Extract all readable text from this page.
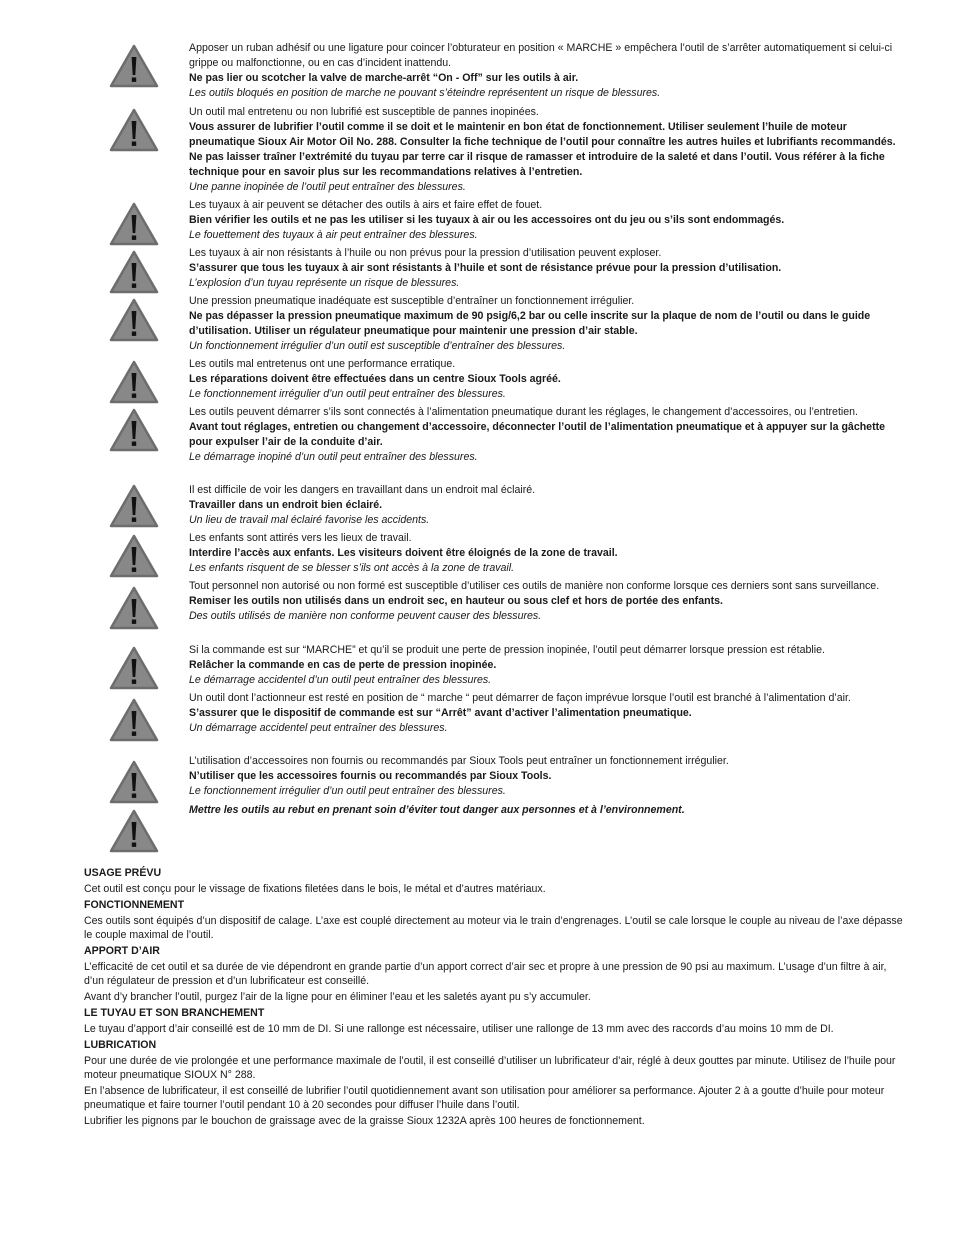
Apposer un ruban adhésif ou une ligature pour coincer l’obturateur en position « MARCHE » empêchera l’outil de s’arrêter automatiquement si celui-ci grippe ou malfonctionne, ou en cas d’incident inattendu.

Ne pas lier ou scotcher la valve de marche-arrêt “On - Off” sur les outils à air.

Les outils bloqués en position de marche ne pouvant s’éteindre représentent un risque de blessures.

Un outil mal entretenu ou non lubrifié est susceptible de pannes inopinées.

Vous assurer de lubrifier l’outil comme il se doit et le maintenir en bon état de fonctionnement. Utiliser seulement l’huile de moteur pneumatique Sioux Air Motor Oil No. 288. Consulter la fiche technique de l’outil pour connaître les autres huiles et lubrifiants recommandés. Ne pas laisser traîner l’extrémité du tuyau par terre car il risque de ramasser et introduire de la saleté et dans l’outil. Vous référer à la fiche technique pour en savoir plus sur les recommandations relatives à l’entretien.

Une panne inopinée de l’outil peut entraîner des blessures.

Les tuyaux à air peuvent se détacher des outils à airs et faire effet de fouet.

Bien vérifier les outils et ne pas les utiliser si les tuyaux à air ou les accessoires ont du jeu ou s’ils sont endommagés.

Le fouettement des tuyaux à air peut entraîner des blessures.

Les tuyaux à air non résistants à l’huile ou non prévus pour la pression d’utilisation peuvent exploser.

S’assurer que tous les tuyaux à air sont résistants à l’huile et sont de résistance prévue pour la pression d’utilisation.

L’explosion d’un tuyau représente un risque de blessures.

Une pression pneumatique inadéquate est susceptible d’entraîner un fonctionnement irrégulier.

Ne pas dépasser la pression pneumatique maximum de 90 psig/6,2 bar ou celle inscrite sur la plaque de nom de l’outil ou dans le guide d’utilisation. Utiliser un régulateur pneumatique pour maintenir une pression d’air stable.

Un fonctionnement irrégulier d’un outil est susceptible d’entraîner des blessures.

Les outils mal entretenus ont une performance erratique.

Les réparations doivent être effectuées dans un centre Sioux Tools agréé.

Le fonctionnement irrégulier d’un outil peut entraîner des blessures.

Les outils peuvent démarrer s’ils sont connectés à l’alimentation pneumatique durant les réglages, le changement d’accessoires, ou l’entretien.

Avant tout réglages, entretien ou changement d’accessoire, déconnecter l’outil de l’alimentation pneumatique et à appuyer sur la gâchette pour expulser l’air de la conduite d’air.

Le démarrage inopiné d’un outil peut entraîner des blessures.

Il est difficile de voir les dangers en travaillant dans un endroit mal éclairé.

Travailler dans un endroit bien éclairé.

Un lieu de travail mal éclairé favorise les accidents.

Les enfants sont attirés vers les lieux de travail.

Interdire l’accès aux enfants. Les visiteurs doivent être éloignés de la zone de travail.

Les enfants risquent de se blesser s’ils ont accès à la zone de travail.

Tout personnel non autorisé ou non formé est susceptible d’utiliser ces outils de manière non conforme lorsque ces derniers sont sans surveillance.

Remiser les outils non utilisés dans un endroit sec, en hauteur ou sous clef et hors de portée des enfants.

Des outils utilisés de manière non conforme peuvent causer des blessures.

Si la commande est sur “MARCHE” et qu’il se produit une perte de pression inopinée, l’outil peut démarrer lorsque pression est rétablie.

Relâcher la commande en cas de perte de pression inopinée.

Le démarrage accidentel d’un outil peut entraîner des blessures.

Un outil dont l’actionneur est resté en position de “ marche “ peut démarrer de façon imprévue lorsque l’outil est branché à l’alimentation d’air.

S’assurer que le dispositif de commande est sur “Arrêt” avant d’activer l’alimentation pneumatique.

Un démarrage accidentel peut entraîner des blessures.

L’utilisation d’accessoires non fournis ou recommandés par Sioux Tools peut entraîner un fonctionnement irrégulier.

N’utiliser que les accessoires fournis ou recommandés par Sioux Tools.

Le fonctionnement irrégulier d’un outil peut entraîner des blessures.

Mettre les outils au rebut en prenant soin d’éviter tout danger aux personnes et à l’environnement.
USAGE PRÉVU

Cet outil est conçu pour le vissage de fixations filetées dans le bois, le métal et d’autres matériaux.

FONCTIONNEMENT

Ces outils sont équipés d’un dispositif de calage. L’axe est couplé directement au moteur via le train d’engrenages. L’outil se cale lorsque le couple au niveau de l’axe dépasse le couple maximal de l’outil.

APPORT D’AIR

L’efficacité de cet outil et sa durée de vie dépendront en grande partie d’un apport correct d’air sec et propre à une pression de 90 psi au maximum. L’usage d’un filtre à air, d’un régulateur de pression et d’un lubrificateur est conseillé.

Avant d’y brancher l’outil, purgez l’air de la ligne pour en éliminer l’eau et les saletés ayant pu s’y accumuler.

LE TUYAU ET SON BRANCHEMENT

Le tuyau d’apport d’air conseillé est de 10 mm de DI. Si une rallonge est nécessaire, utiliser une rallonge de 13 mm avec des raccords d’au moins 10 mm de DI.

LUBRICATION

Pour une durée de vie prolongée et une performance maximale de l’outil, il est conseillé d’utiliser un lubrificateur d’air, réglé à deux gouttes par minute. Utilisez de l’huile pour moteur pneumatique SIOUX N° 288.

En l’absence de lubrificateur, il est conseillé de lubrifier l’outil quotidiennement avant son utilisation pour améliorer sa performance. Ajouter 2 à a goutte d’huile pour moteur pneumatique et faire tourner l’outil pendant 10 à 20 secondes pour diffuser l’huile dans l’outil.

Lubrifier les pignons par le bouchon de graissage avec de la graisse Sioux 1232A après 100 heures de fonctionnement.
